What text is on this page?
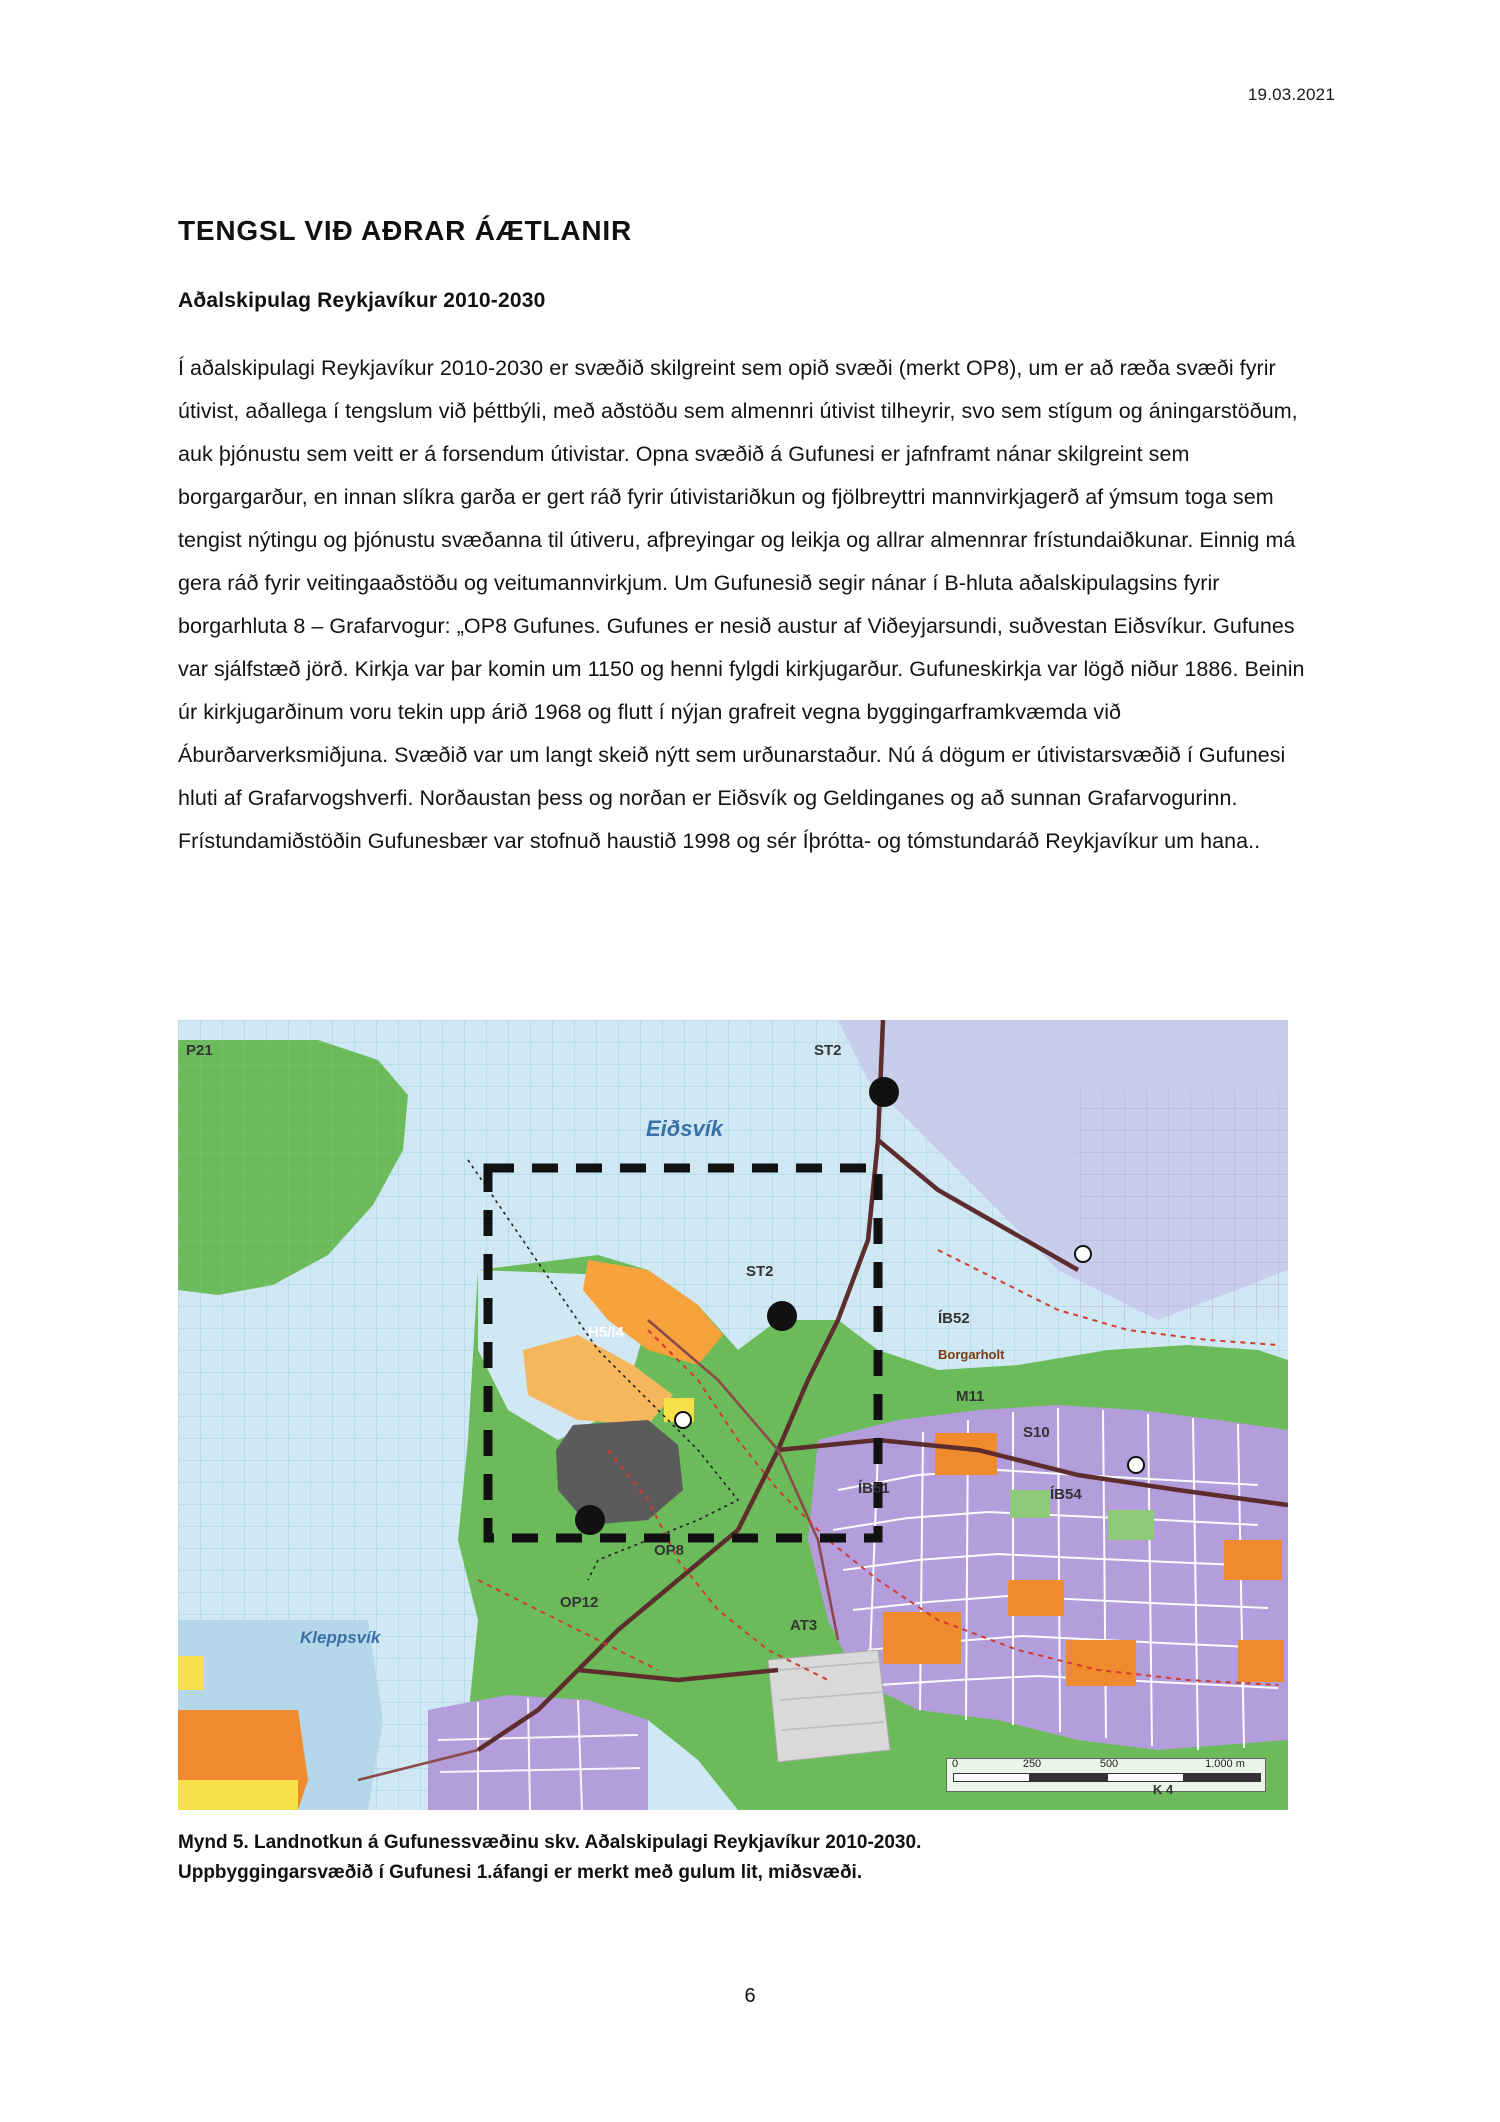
19.03.2021
TENGSL VIÐ AÐRAR ÁÆTLANIR
Aðalskipulag Reykjavíkur 2010-2030

Í aðalskipulagi Reykjavíkur 2010-2030 er svæðið skilgreint sem opið svæði (merkt OP8), um er að ræða svæði fyrir útivist, aðallega í tengslum við þéttbýli, með aðstöðu sem almennri útivist tilheyrir, svo sem stígum og áningarstöðum, auk þjónustu sem veitt er á forsendum útivistar. Opna svæðið á Gufunesi er jafnframt nánar skilgreint sem borgargarður, en innan slíkra garða er gert ráð fyrir útivistariðkun og fjölbreyttri mannvirkjagerð af ýmsum toga sem tengist nýtingu og þjónustu svæðanna til útiveru, afþreyingar og leikja og allrar almennrar frístundaiðkunar. Einnig má gera ráð fyrir veitingaaðstöðu og veitumannvirkjum. Um Gufunesið segir nánar í B-hluta aðalskipulagsins fyrir borgarhluta 8 – Grafarvogur: „OP8 Gufunes. Gufunes er nesið austur af Viðeyjarsundi, suðvestan Eiðsvíkur. Gufunes var sjálfstæð jörð. Kirkja var þar komin um 1150 og henni fylgdi kirkjugarður. Gufuneskirkja var lögð niður 1886. Beinin úr kirkjugarðinum voru tekin upp árið 1968 og flutt í nýjan grafreit vegna byggingarframkvæmda við Áburðarverksmiðjuna. Svæðið var um langt skeið nýtt sem urðunarstaður. Nú á dögum er útivistarsvæðið í Gufunesi hluti af Grafarvogshverfi. Norðaustan þess og norðan er Eiðsvík og Geldinganes og að sunnan Grafarvogurinn. Frístundamiðstöðin Gufunesbær var stofnuð haustið 1998 og sér Íþrótta- og tómstundaráð Reykjavíkur um hana..

P21	ST2
Eiðsvík
ST2
H5/I4
ÍB52
Borgarholt
M11
S10
ÍB51	ÍB54
OP8
OP12
AT3
Kleppsvík
0	250	500	1.000 m
K 4
Mynd 5. Landnotkun á Gufunessvæðinu skv. Aðalskipulagi Reykjavíkur 2010-2030.
Uppbyggingarsvæðið í Gufunesi 1.áfangi er merkt með gulum lit, miðsvæði.
6
